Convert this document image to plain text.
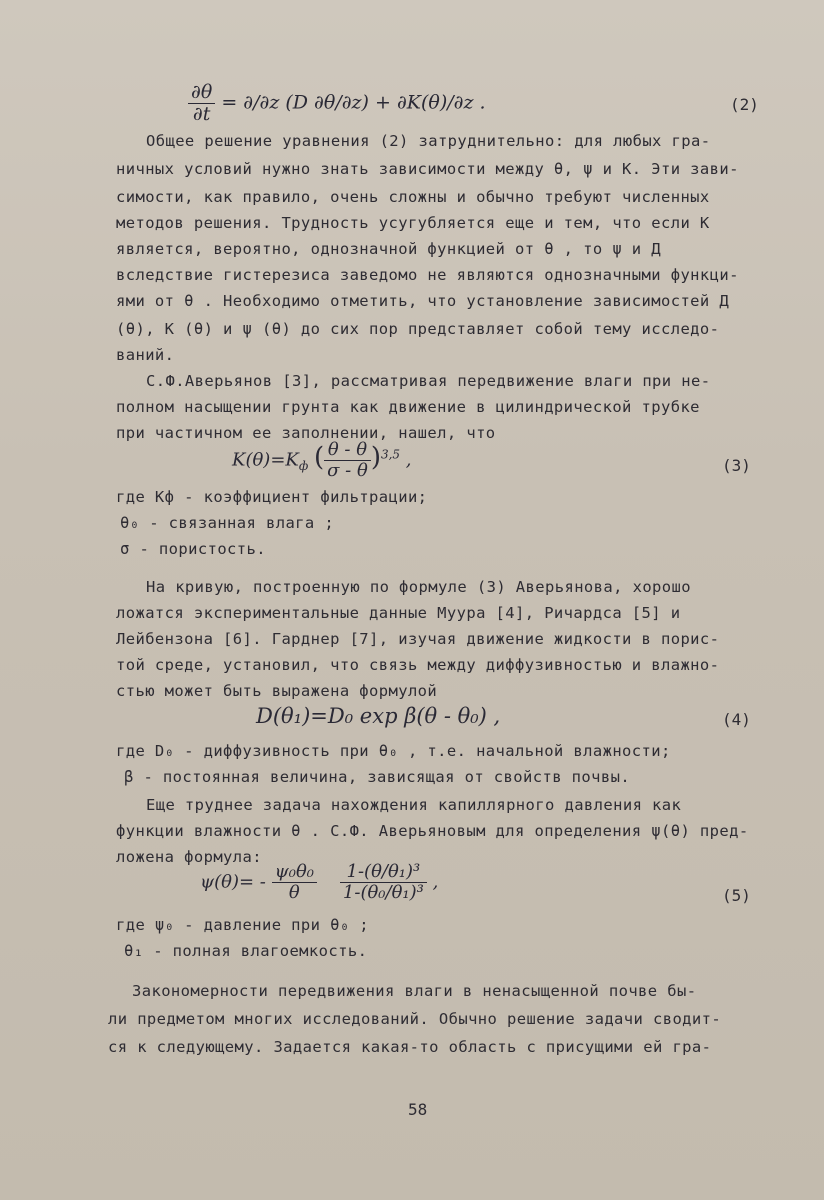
$\frac{\partial\theta}{\partial t} = \partial/\partial z$ (D ∂θ/∂z) + ∂K(θ)/∂z .	(2)
Общее решение уравнения (2) затруднительно: для любых гра-
ничных условий нужно знать зависимости между θ, ψ и К. Эти зави-
симости, как правило, очень сложны и обычно требуют численных
методов решения. Трудность усугубляется еще и тем, что если К
является, вероятно, однозначной функцией от θ , то ψ и Д
вследствие гистерезиса заведомо не являются однозначными функци-
ями от θ . Необходимо отметить, что установление зависимостей Д
(θ), К (θ) и ψ (θ) до сих пор представляет собой тему исследо-
ваний.
С.Ф.Аверьянов [3], рассматривая передвижение влаги при не-
полном насыщении грунта как движение в цилиндрической трубке
при частичном ее заполнении, нашел, что
$K(\theta)=K_ф$ ( $\frac{\theta - \theta}{\sigma - \theta} )^{3,5}$ ,	(3)
где Kф - коэффициент фильтрации;
θ₀ - связанная влага ;
σ - пористость.
На кривую, построенную по формуле (3) Аверьянова, хорошо
ложатся экспериментальные данные Муура [4], Ричардса [5] и
Лейбензона [6]. Гарднер [7], изучая движение жидкости в порис-
той среде, установил, что связь между диффузивностью и влажно-
стью может быть выражена формулой
D(θ₁)=D₀ exp β(θ - θ₀) ,	(4)
где D₀ - диффузивность при θ₀ , т.е. начальной влажности;
β - постоянная величина, зависящая от свойств почвы.
Еще труднее задача нахождения капиллярного давления как
функции влажности θ . С.Ф. Аверьяновым для определения ψ(θ) пред-
ложена формула:
$\psi(\theta)= - \frac{\text{ψ₀θ₀}}{\theta}$
$\frac{\text{1-(θ/θ₁)³}}{\text{1-(θ₀/θ₁)³}}$ ,
(5)
где ψ₀ - давление при θ₀ ;
θ₁ - полная влагоемкость.
Закономерности передвижения влаги в ненасыщенной почве бы-
ли предметом многих исследований. Обычно решение задачи сводит-
ся к следующему. Задается какая-то область с присущими ей гра-
58
